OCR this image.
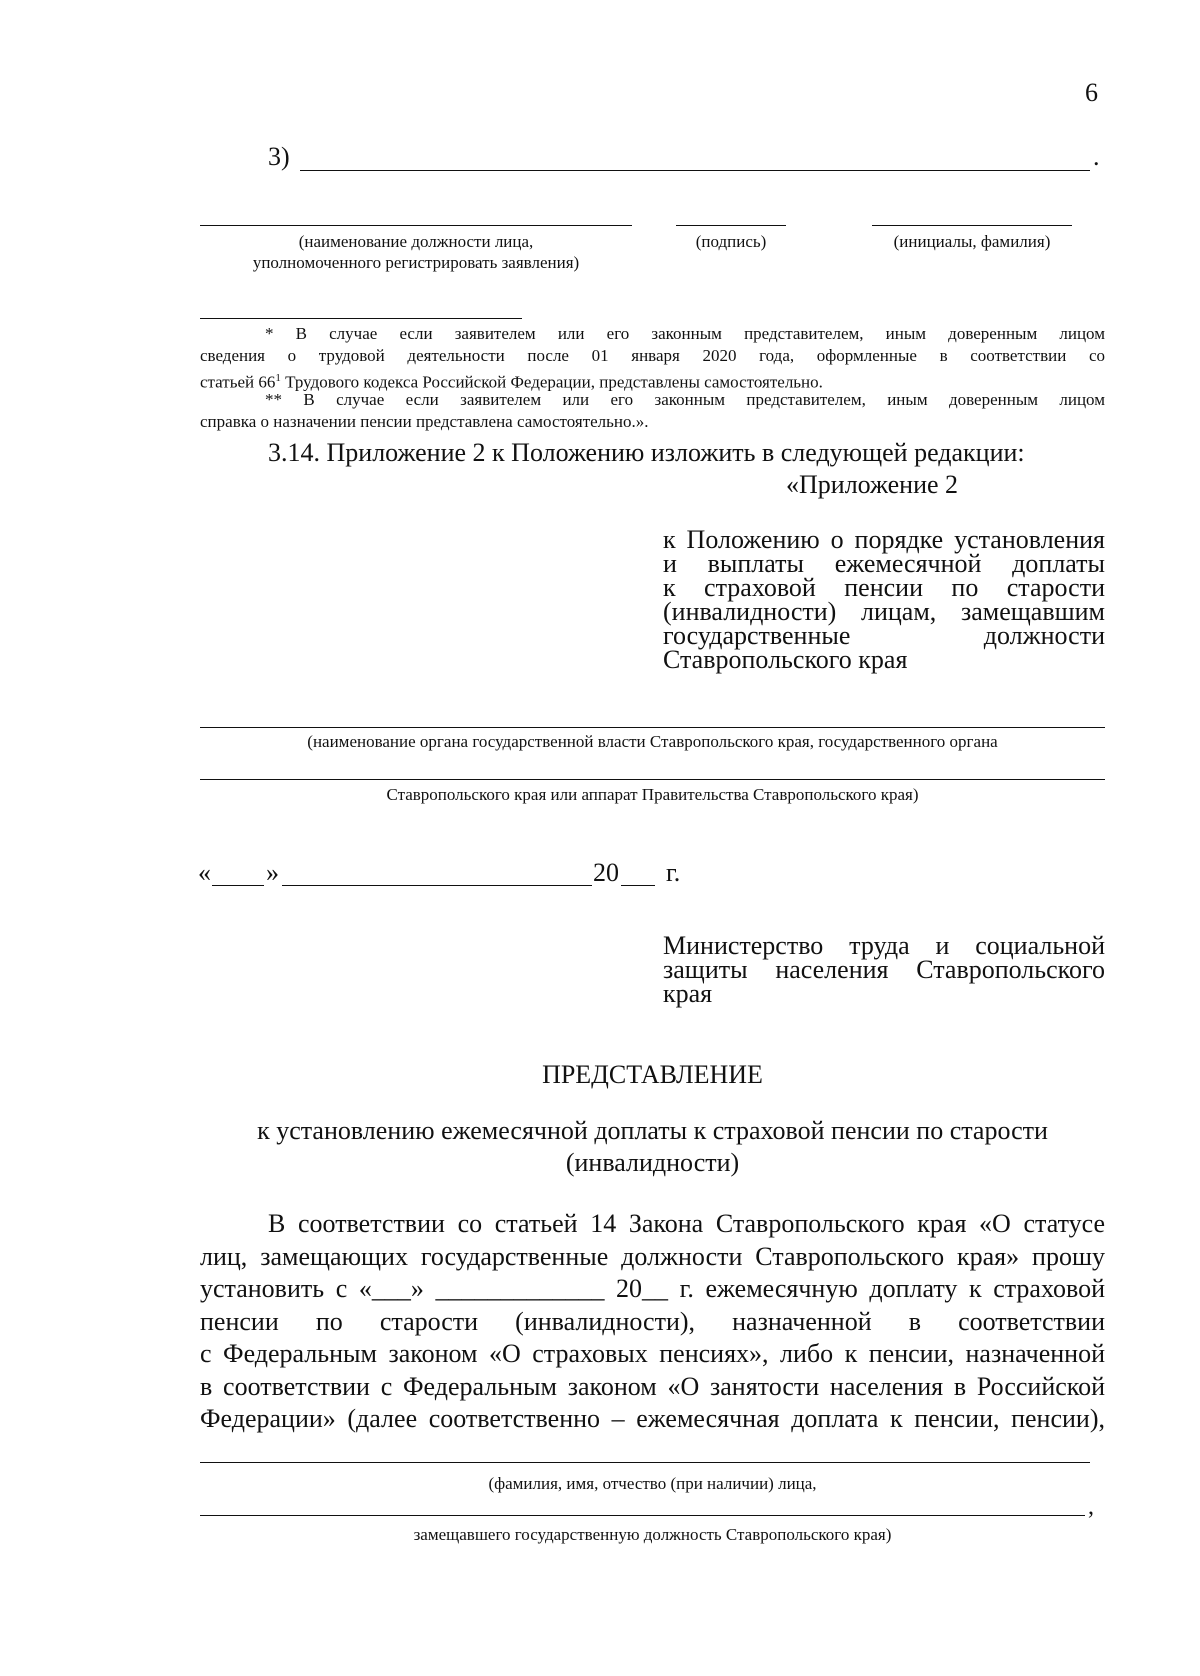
6
3)	.
(наименование должности лица,
уполномоченного регистрировать заявления)
(подпись)	(инициалы, фамилия)
* В случае если заявителем или его законным представителем, иным доверенным лицом
сведения о трудовой деятельности после 01 января 2020 года, оформленные в соответствии со
статьей $66^1$ Трудового кодекса Российской Федерации, представлены самостоятельно.
** В случае если заявителем или его законным представителем, иным доверенным лицом
справка о назначении пенсии представлена самостоятельно.».
3.14. Приложение 2 к Положению изложить в следующей редакции:
«Приложение 2
к Положению о порядке установления
и выплаты ежемесячной доплаты
к страховой пенсии по старости
(инвалидности) лицам, замещавшим
государственные должности
Ставропольского края
(наименование органа государственной власти Ставропольского края, государственного органа
Ставропольского края или аппарат Правительства Ставропольского края)
« »	20 г.
Министерство труда и социальной
защиты населения Ставропольского
края
ПРЕДСТАВЛЕНИЕ
к установлению ежемесячной доплаты к страховой пенсии по старости
(инвалидности)
В соответствии со статьей 14 Закона Ставропольского края «О статусе
лиц, замещающих государственные должности Ставропольского края» прошу
установить с «___» _____________ 20__ г. ежемесячную доплату к страховой
пенсии по старости (инвалидности), назначенной в соответствии
с Федеральным законом «О страховых пенсиях», либо к пенсии, назначенной
в соответствии с Федеральным законом «О занятости населения в Российской
Федерации» (далее соответственно – ежемесячная доплата к пенсии, пенсии),
(фамилия, имя, отчество (при наличии) лица,
,
замещавшего государственную должность Ставропольского края)
